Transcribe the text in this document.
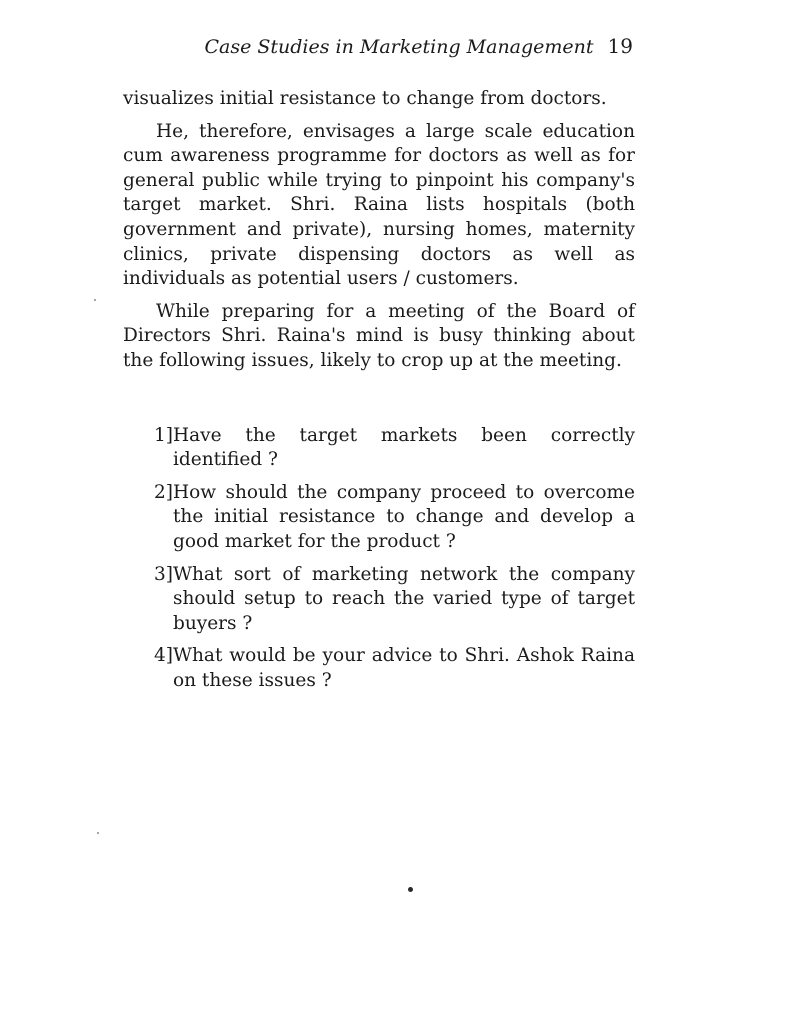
Case Studies in Marketing Management 19

visualizes initial resistance to change from doctors.

He, therefore, envisages a large scale education cum awareness programme for doctors as well as for general public while trying to pinpoint his company's target market. Shri. Raina lists hospitals (both government and private), nursing homes, maternity clinics, private dispensing doctors as well as individuals as potential users / customers.

While preparing for a meeting of the Board of Directors Shri. Raina's mind is busy thinking about the following issues, likely to crop up at the meeting.

1] Have the target markets been correctly identified ?
2] How should the company proceed to overcome the initial resistance to change and develop a good market for the product ?
3] What sort of marketing network the company should setup to reach the varied type of target buyers ?
4] What would be your advice to Shri. Ashok Raina on these issues ?
